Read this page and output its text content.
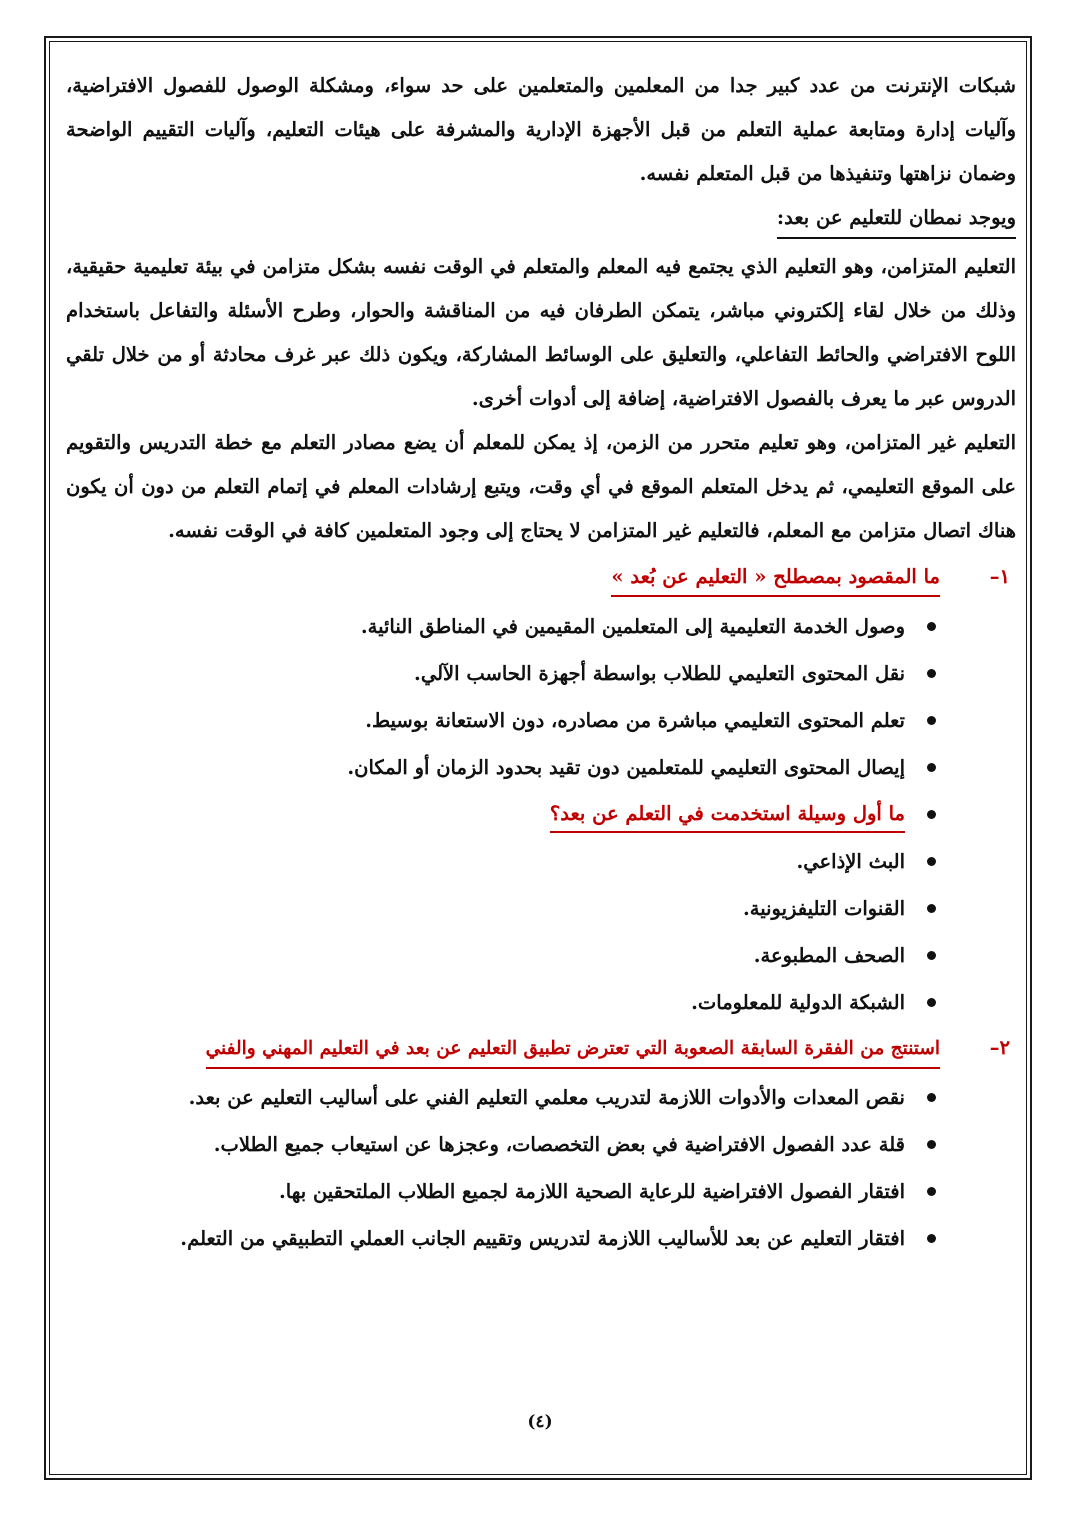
شبكات الإنترنت من عدد كبير جدا من المعلمين والمتعلمين على حد سواء، ومشكلة الوصول للفصول الافتراضية، وآليات إدارة ومتابعة عملية التعلم من قبل الأجهزة الإدارية والمشرفة على هيئات التعليم، وآليات التقييم الواضحة وضمان نزاهتها وتنفيذها من قبل المتعلم نفسه.

ويوجد نمطان للتعليم عن بعد:

التعليم المتزامن، وهو التعليم الذي يجتمع فيه المعلم والمتعلم في الوقت نفسه بشكل متزامن في بيئة تعليمية حقيقية، وذلك من خلال لقاء إلكتروني مباشر، يتمكن الطرفان فيه من المناقشة والحوار، وطرح الأسئلة والتفاعل باستخدام اللوح الافتراضي والحائط التفاعلي، والتعليق على الوسائط المشاركة، ويكون ذلك عبر غرف محادثة أو من خلال تلقي الدروس عبر ما يعرف بالفصول الافتراضية، إضافة إلى أدوات أخرى.

التعليم غير المتزامن، وهو تعليم متحرر من الزمن، إذ يمكن للمعلم أن يضع مصادر التعلم مع خطة التدريس والتقويم على الموقع التعليمي، ثم يدخل المتعلم الموقع في أي وقت، ويتبع إرشادات المعلم في إتمام التعلم من دون أن يكون هناك اتصال متزامن مع المعلم، فالتعليم غير المتزامن لا يحتاج إلى وجود المتعلمين كافة في الوقت نفسه.

١–
ما المقصود بمصطلح « التعليم عن بُعد »
وصول الخدمة التعليمية إلى المتعلمين المقيمين في المناطق النائية.
نقل المحتوى التعليمي للطلاب بواسطة أجهزة الحاسب الآلي.
تعلم المحتوى التعليمي مباشرة من مصادره، دون الاستعانة بوسيط.
إيصال المحتوى التعليمي للمتعلمين دون تقيد بحدود الزمان أو المكان.
ما أول وسيلة استخدمت في التعلم عن بعد؟
البث الإذاعي.
القنوات التليفزيونية.
الصحف المطبوعة.
الشبكة الدولية للمعلومات.
٢–
استنتج من الفقرة السابقة الصعوبة التي تعترض تطبيق التعليم عن بعد في التعليم المهني والفني
نقص المعدات والأدوات اللازمة لتدريب معلمي التعليم الفني على أساليب التعليم عن بعد.
قلة عدد الفصول الافتراضية في بعض التخصصات، وعجزها عن استيعاب جميع الطلاب.
افتقار الفصول الافتراضية للرعاية الصحية اللازمة لجميع الطلاب الملتحقين بها.
افتقار التعليم عن بعد للأساليب اللازمة لتدريس وتقييم الجانب العملي التطبيقي من التعلم.
(٤)
